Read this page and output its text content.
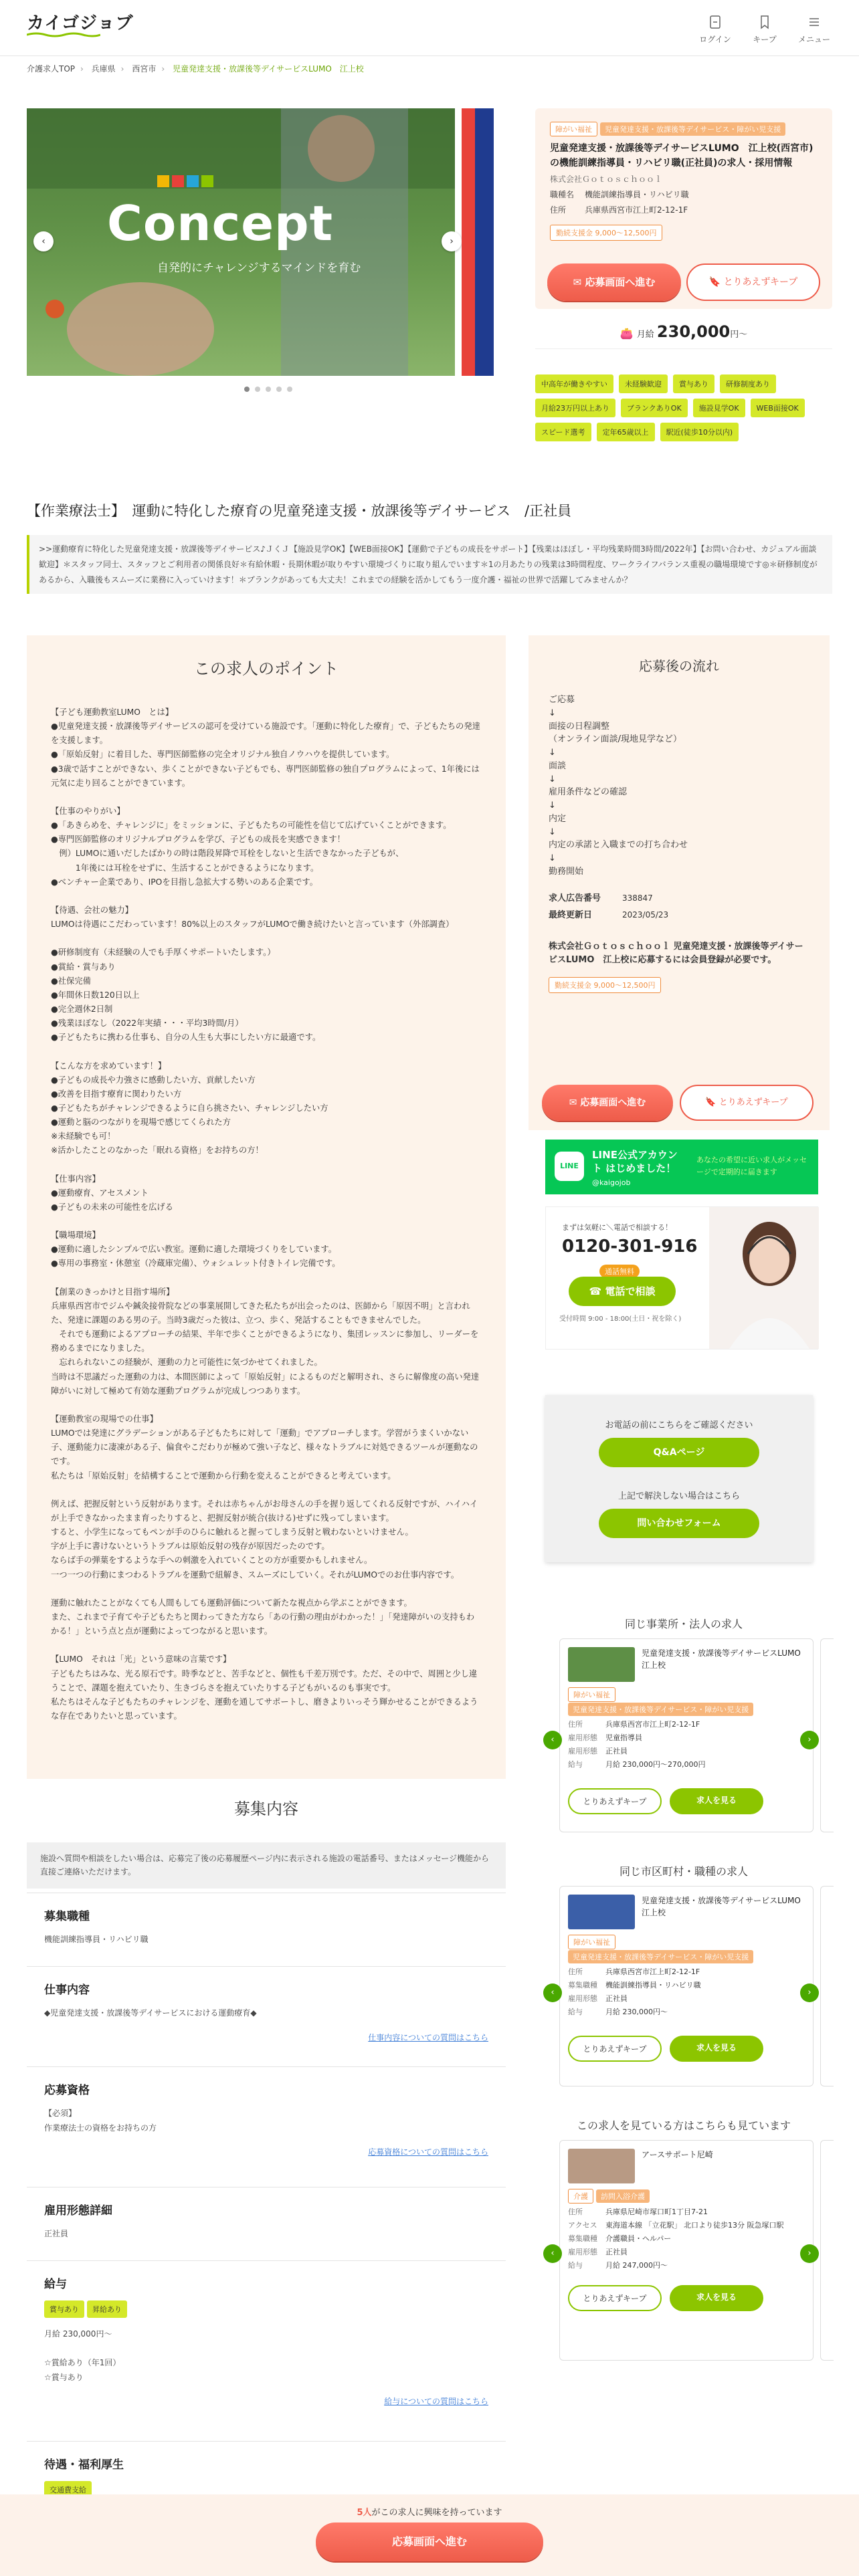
カイゴジョブ
ログイン	キープ	メニュー
介護求人TOP › 兵庫県 › 西宮市 › 児童発達支援・放課後等デイサービスLUMO　江上校
Concept
自発的にチャレンジするマインドを育む
‹	›
障がい福祉 児童発達支援・放課後等デイサービス・障がい児支援
児童発達支援・放課後等デイサービスLUMO　江上校(西宮市)の機能訓練指導員・リハビリ職(正社員)の求人・採用情報
株式会社Ｇｏｔｏｓｃｈｏｏｌ
職種名	機能訓練指導員・リハビリ職
住所	兵庫県西宮市江上町2-12-1F
勤続支援金 9,000〜12,500円
✉ 応募画面へ進む	🔖 とりあえずキープ
👛 月給 230,000円〜
中高年が働きやすい	未経験歓迎	賞与あり	研修制度あり
月給23万円以上あり	ブランクありOK	施設見学OK	WEB面接OK
スピード選考	定年65歳以上	駅近(徒歩10分以内)
【作業療法士】　運動に特化した療育の児童発達支援・放課後等デイサービス　/正社員
>>運動療育に特化した児童発達支援・放課後等デイサービス♪ＪくＪ【施設見学OK】【WEB面接OK】【運動で子どもの成長をサポート】【残業はほぼし・平均残業時間3時間/2022年】【お問い合わせ、カジュアル面談歓迎】＊スタッフ同士、スタッフとご利用者の関係良好＊有給休暇・長期休暇が取りやすい環境づくりに取り組んでいます＊1の月あたりの残業は3時間程度、ワークライフバランス重視の職場環境です◎＊研修制度があるから、入職後もスムーズに業務に入っていけます！＊ブランクがあっても大丈夫！これまでの経験を活かしてもう一度介護・福祉の世界で活躍してみませんか？
この求人のポイント
【子ども運動教室LUMO　とは】
●児童発達支援・放課後等デイサービスの認可を受けている施設です。「運動に特化した療育」で、子どもたちの発達を支援します。
●「原始反射」に着目した、専門医師監修の完全オリジナル独自ノウハウを提供しています。
●3歳で話すことができない、歩くことができない子どもでも、専門医師監修の独自プログラムによって、1年後には元気に走り回ることができています。

【仕事のやりがい】
●「あきらめを、チャレンジに」をミッションに、子どもたちの可能性を信じて広げていくことができます。
●専門医師監修のオリジナルプログラムを学び、子どもの成長を実感できます！
　例）LUMOに通いだしたばかりの時は階段昇降で耳栓をしないと生活できなかった子どもが、
　　　1年後には耳栓をせずに、生活することができるようになります。
●ベンチャー企業であり、IPOを目指し急拡大する勢いのある企業です。

【待遇、会社の魅力】
LUMOは待遇にこだわっています！80%以上のスタッフがLUMOで働き続けたいと言っています（外部調査）

●研修制度有（未経験の人でも手厚くサポートいたします。）
●賞給・賞与あり
●社保完備
●年間休日数120日以上
●完全週休2日制
●残業ほぼなし（2022年実績・・・平均3時間/月）
●子どもたちに携わる仕事も、自分の人生も大事にしたい方に最適です。

【こんな方を求めています！】
●子どもの成長や力強さに感動したい方、貢献したい方
●改善を目指す療育に関わりたい方
●子どもたちがチャレンジできるように自ら挑さたい、チャレンジしたい方
●運動と脳のつながりを現場で感じてくられた方
※未経験でも可！
※活かしたことのなかった「眠れる資格」をお持ちの方！

【仕事内容】
●運動療育、アセスメント
●子どもの未来の可能性を広げる

【職場環境】
●運動に適したシンプルで広い教室。運動に適した環境づくりをしています。
●専用の事務室・休憩室（冷蔵庫完備）、ウォシュレット付きトイレ完備です。

【創業のきっかけと目指す場所】
兵庫県西宮市でジムや鍼灸接骨院などの事業展開してきた私たちが出会ったのは、医師から「原因不明」と言われた、発達に課題のある男の子。当時3歳だった彼は、立つ、歩く、発話することもできませんでした。
　それでも運動によるアプローチの結果、半年で歩くことができるようになり、集団レッスンに参加し、リーダーを務めるまでになりました。
　忘れられないこの経験が、運動の力と可能性に気づかせてくれました。
当時は不思議だった運動の力は、本間医師によって「原始反射」によるものだと解明され、さらに解像度の高い発達障がいに対して極めて有効な運動プログラムが完成しつつあります。

【運動教室の現場での仕事】
LUMOでは発達にグラデーションがある子どもたちに対して「運動」でアプローチします。学習がうまくいかない子、運動能力に凄凍がある子、偏食やこだわりが極めて強い子など、様々なトラブルに対処できるツールが運動なのです。
私たちは「原始反射」を結構することで運動から行動を変えることができると考えています。

例えば、把握反射という反射があります。それは赤ちゃんがお母さんの手を握り返してくれる反射ですが、ハイハイが上手できなかったまま育ったりすると、把握反射が統合(抜ける)せずに残ってしまいます。
すると、小学生になってもペンが手のひらに触れると握ってしまう反射と戦わないといけません。
字が上手に書けないというトラブルは原始反射の残存が原因だったのです。
ならば手の弾葉をするような手への刺激を入れていくことの方が重要かもしれません。
一つ一つの行動にまつわるトラブルを運動で紐解き、スムーズにしていく。それがLUMOでのお仕事内容です。

運動に触れたことがなくても人間もしても運動評価について新たな視点から学ぶことができます。
また、これまで子育てや子どもたちと関わってきた方なら「あの行動の理由がわかった！」「発達障がいの支持もわかる！」という点と点が運動によってつながると思います。

【LUMO　それは「光」という意味の言葉です】
子どもたちはみな、光る原石です。時季などと、苦手などと、個性も千差万別です。ただ、その中で、周囲と少し違うことで、課題を抱えていたり、生きづらさを抱えていたりする子どもがいるのも事実です。
私たちはそんな子どもたちのチャレンジを、運動を通してサポートし、磨きよりいっそう輝かせることができるような存在でありたいと思っています。
応募後の流れ
ご応募
↓
面接の日程調整
（オンライン面談/現地見学など）
↓
面談
↓
雇用条件などの確認
↓
内定
↓
内定の承諾と入職までの打ち合わせ
↓
勤務開始
求人広告番号	338847
最終更新日	2023/05/23
株式会社Ｇｏｔｏｓｃｈｏｏｌ 児童発達支援・放課後等デイサービスLUMO　江上校に応募するには会員登録が必要です。
勤続支援金 9,000〜12,500円
✉ 応募画面へ進む	🔖 とりあえずキープ
LINE
LINE公式アカウント はじめました！
@kaigojob
あなたの希望に近い求人がメッセージで定期的に届きます
まずは気軽に＼電話で相談する！
0120-301-916
通話無料
☎ 電話で相談
受付時間 9:00 - 18:00(土日・祝を除く)
お電話の前にこちらをご確認ください
Q&Aページ
上記で解決しない場合はこちら
問い合わせフォーム
同じ事業所・法人の求人
児童発達支援・放課後等デイサービスLUMO　江上校
障がい福祉児童発達支援・放課後等デイサービス・障がい児支援
住所	兵庫県西宮市江上町2-12-1F
雇用形態	児童指導員
雇用形態	正社員
給与	月給 230,000円〜270,000円
とりあえずキープ	求人を見る
‹	›
同じ市区町村・職種の求人
児童発達支援・放課後等デイサービスLUMO　江上校
障がい福祉児童発達支援・放課後等デイサービス・障がい児支援
住所	兵庫県西宮市江上町2-12-1F
募集職種	機能訓練指導員・リハビリ職
雇用形態	正社員
給与	月給 230,000円〜
とりあえずキープ	求人を見る
‹	›
この求人を見ている方はこちらも見ています
アースサポート尼崎
介護 訪問入浴介護
住所	兵庫県尼崎市塚口町1丁目7-21
アクセス	東海道本線 「立花駅」 北口より徒歩13分 阪急塚口駅
募集職種	介護職員・ヘルパー
雇用形態	正社員
給与	月給 247,000円〜
とりあえずキープ	求人を見る
‹	›
募集内容
施設へ質問や相談をしたい場合は、応募完了後の応募履歴ページ内に表示される施設の電話番号、またはメッセージ機能から直接ご連絡いただけます。
募集職種

機能訓練指導員・リハビリ職

仕事内容

◆児童発達支援・放課後等デイサービスにおける運動療育◆

仕事内容についての質問はこちら
応募資格

【必須】
作業療法士の資格をお持ちの方

応募資格についての質問はこちら
雇用形態詳細

正社員

給与
賞与あり 昇給あり

月給 230,000円〜

☆賞給あり（年1回）
☆賞与あり

給与についての質問はこちら
待遇・福利厚生
交通費支給
5人がこの求人に興味を持っています
応募画面へ進む
